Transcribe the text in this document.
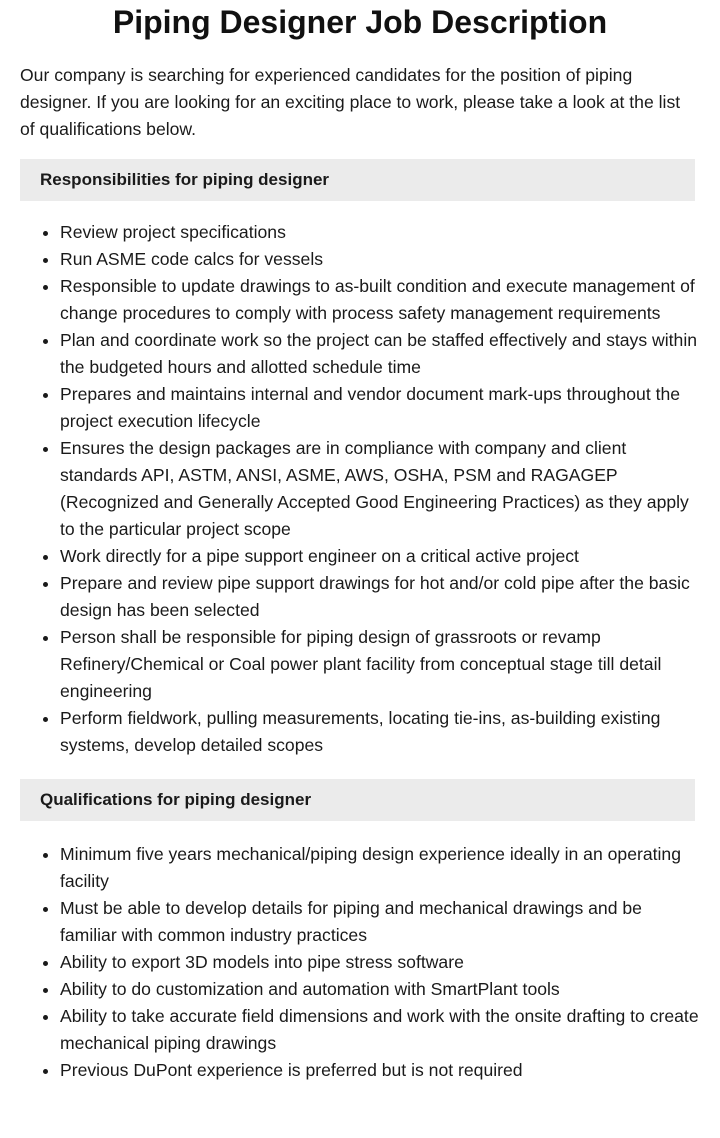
Piping Designer Job Description

Our company is searching for experienced candidates for the position of piping designer. If you are looking for an exciting place to work, please take a look at the list of qualifications below.

Responsibilities for piping designer
• Review project specifications
• Run ASME code calcs for vessels
• Responsible to update drawings to as-built condition and execute management of change procedures to comply with process safety management requirements
• Plan and coordinate work so the project can be staffed effectively and stays within the budgeted hours and allotted schedule time
• Prepares and maintains internal and vendor document mark-ups throughout the project execution lifecycle
• Ensures the design packages are in compliance with company and client standards API, ASTM, ANSI, ASME, AWS, OSHA, PSM and RAGAGEP (Recognized and Generally Accepted Good Engineering Practices) as they apply to the particular project scope
• Work directly for a pipe support engineer on a critical active project
• Prepare and review pipe support drawings for hot and/or cold pipe after the basic design has been selected
• Person shall be responsible for piping design of grassroots or revamp Refinery/Chemical or Coal power plant facility from conceptual stage till detail engineering
• Perform fieldwork, pulling measurements, locating tie-ins, as-building existing systems, develop detailed scopes
Qualifications for piping designer
• Minimum five years mechanical/piping design experience ideally in an operating facility
• Must be able to develop details for piping and mechanical drawings and be familiar with common industry practices
• Ability to export 3D models into pipe stress software
• Ability to do customization and automation with SmartPlant tools
• Ability to take accurate field dimensions and work with the onsite drafting to create mechanical piping drawings
• Previous DuPont experience is preferred but is not required
